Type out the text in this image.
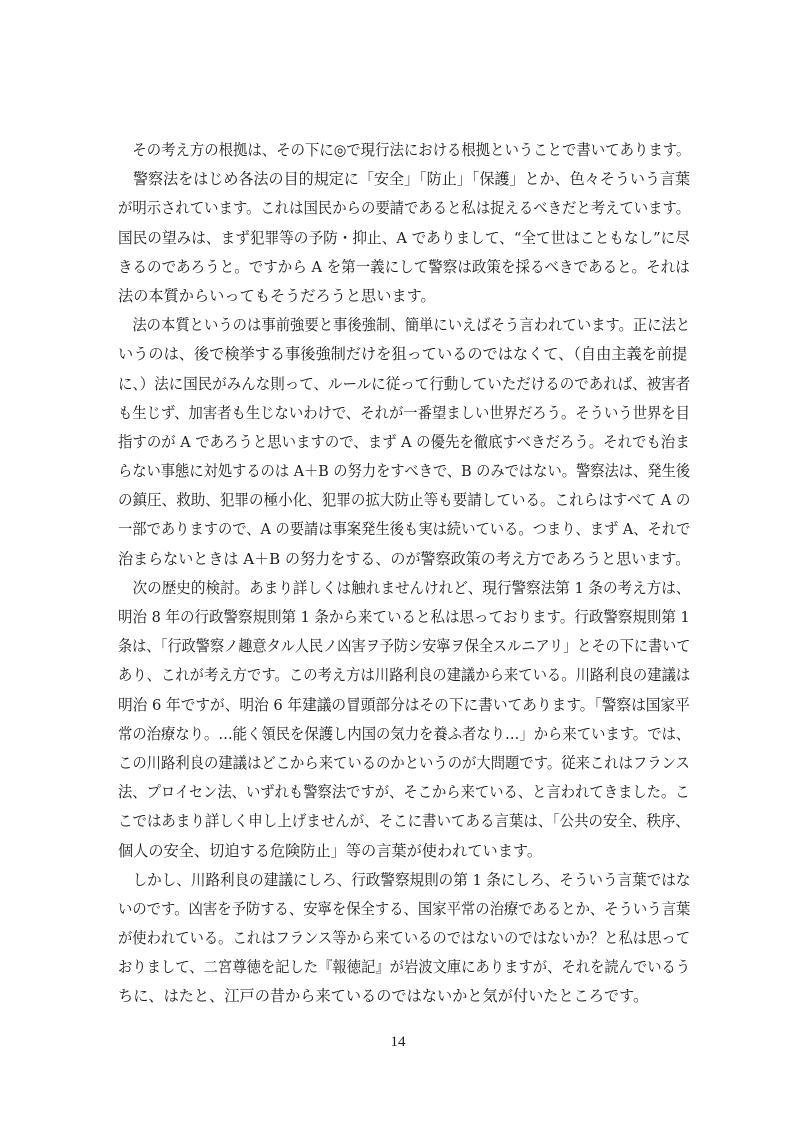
　その考え方の根拠は、その下に◎で現行法における根拠ということで書いてあります。
　警察法をはじめ各法の目的規定に「安全」「防止」「保護」とか、色々そういう言葉
が明示されています。これは国民からの要請であると私は捉えるべきだと考えています。
国民の望みは、まず犯罪等の予防・抑止、A でありまして、“全て世はこともなし”に尽
きるのであろうと。ですから A を第一義にして警察は政策を採るべきであると。それは
法の本質からいってもそうだろうと思います。
　法の本質というのは事前強要と事後強制、簡単にいえばそう言われています。正に法と
いうのは、後で検挙する事後強制だけを狙っているのではなくて、（自由主義を前提
に、）法に国民がみんな則って、ルールに従って行動していただけるのであれば、被害者
も生じず、加害者も生じないわけで、それが一番望ましい世界だろう。そういう世界を目
指すのが A であろうと思いますので、まず A の優先を徹底すべきだろう。それでも治ま
らない事態に対処するのは A＋B の努力をすべきで、B のみではない。警察法は、発生後
の鎮圧、救助、犯罪の極小化、犯罪の拡大防止等も要請している。これらはすべて A の
一部でありますので、A の要請は事案発生後も実は続いている。つまり、まず A、それで
治まらないときは A＋B の努力をする、のが警察政策の考え方であろうと思います。
　次の歴史的検討。あまり詳しくは触れませんけれど、現行警察法第 1 条の考え方は、
明治 8 年の行政警察規則第 1 条から来ていると私は思っております。行政警察規則第 1
条は、「行政警察ノ趣意タル人民ノ凶害ヲ予防シ安寧ヲ保全スルニアリ」とその下に書いて
あり、これが考え方です。この考え方は川路利良の建議から来ている。川路利良の建議は
明治 6 年ですが、明治 6 年建議の冒頭部分はその下に書いてあります。「警察は国家平
常の治療なり。…能く領民を保護し内国の気力を養ふ者なり…」から来ています。では、
この川路利良の建議はどこから来ているのかというのが大問題です。従来これはフランス
法、プロイセン法、いずれも警察法ですが、そこから来ている、と言われてきました。こ
こではあまり詳しく申し上げませんが、そこに書いてある言葉は、「公共の安全、秩序、
個人の安全、切迫する危険防止」等の言葉が使われています。
　しかし、川路利良の建議にしろ、行政警察規則の第 1 条にしろ、そういう言葉ではな
いのです。凶害を予防する、安寧を保全する、国家平常の治療であるとか、そういう言葉
が使われている。これはフランス等から来ているのではないのではないか？と私は思って
おりまして、二宮尊徳を記した『報徳記』が岩波文庫にありますが、それを読んでいるう
ちに、はたと、江戸の昔から来ているのではないかと気が付いたところです。
14
